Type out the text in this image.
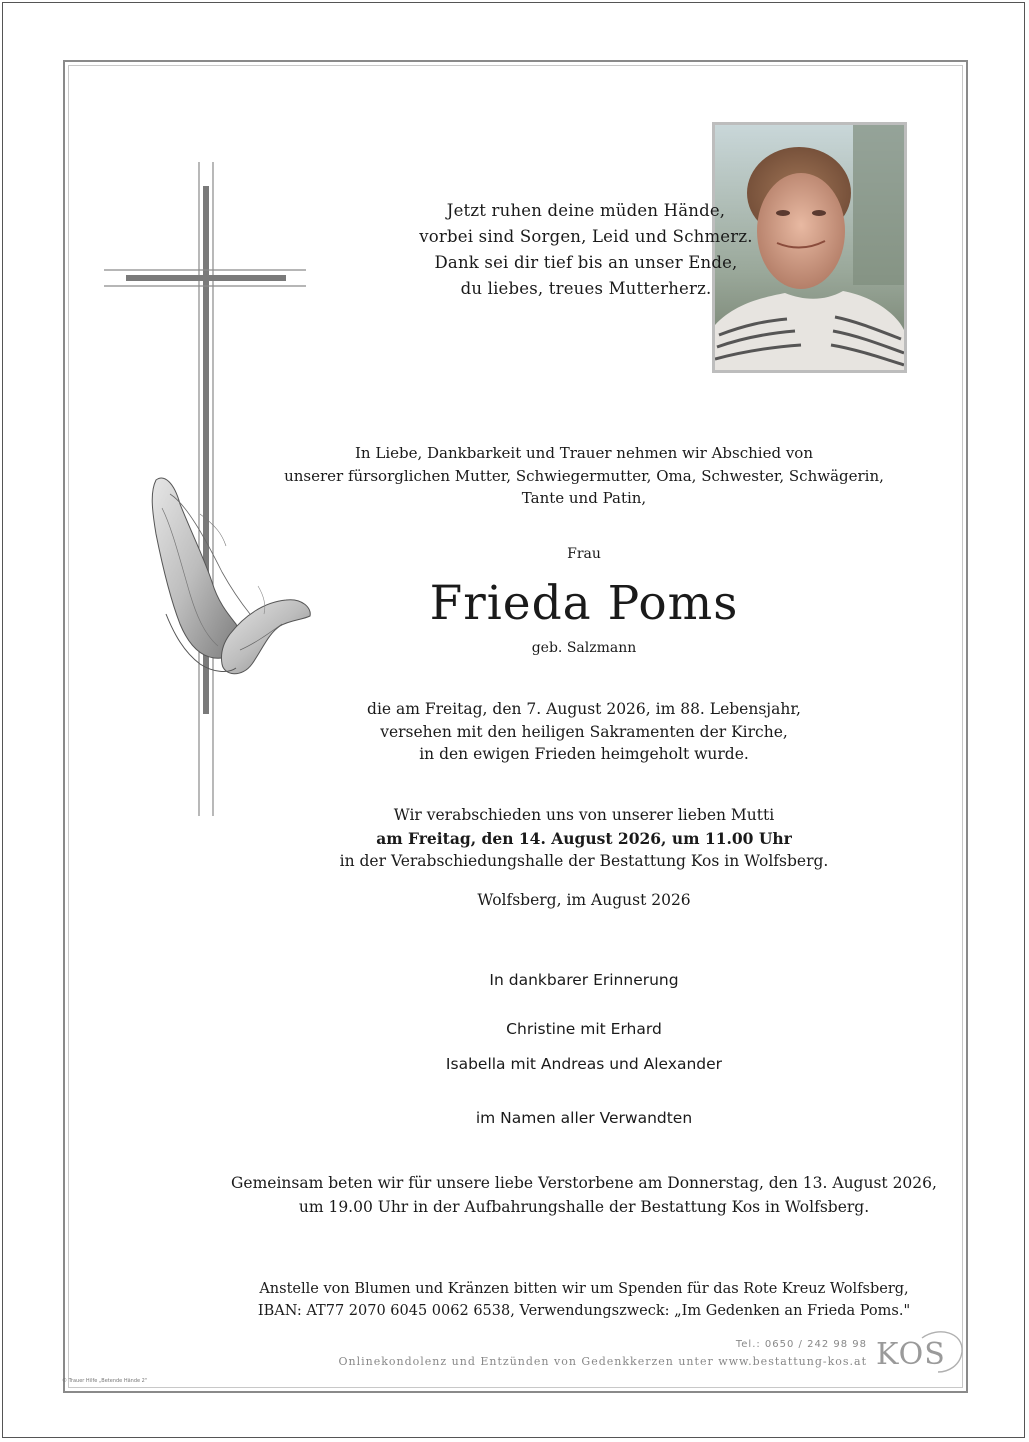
Jetzt ruhen deine müden Hände,
vorbei sind Sorgen, Leid und Schmerz.
Dank sei dir tief bis an unser Ende,
du liebes, treues Mutterherz.
In Liebe, Dankbarkeit und Trauer nehmen wir Abschied von
unserer fürsorglichen Mutter, Schwiegermutter, Oma, Schwester, Schwägerin,
Tante und Patin,
Frau
Frieda Poms
geb. Salzmann
die am Freitag, den 7. August 2026, im 88. Lebensjahr,
versehen mit den heiligen Sakramenten der Kirche,
in den ewigen Frieden heimgeholt wurde.
Wir verabschieden uns von unserer lieben Mutti
am Freitag, den 14. August 2026, um 11.00 Uhr
in der Verabschiedungshalle der Bestattung Kos in Wolfsberg.
Wolfsberg, im August 2026
In dankbarer Erinnerung
Christine mit Erhard
Isabella mit Andreas und Alexander
im Namen aller Verwandten
Gemeinsam beten wir für unsere liebe Verstorbene am Donnerstag, den 13. August 2026,
um 19.00 Uhr in der Aufbahrungshalle der Bestattung Kos in Wolfsberg.
Anstelle von Blumen und Kränzen bitten wir um Spenden für das Rote Kreuz Wolfsberg,
IBAN: AT77 2070 6045 0062 6538, Verwendungszweck: „Im Gedenken an Frieda Poms."
Tel.: 0650 / 242 98 98
Onlinekondolenz und Entzünden von Gedenkkerzen unter www.bestattung-kos.at KOS
© Trauer Hilfe „Betende Hände 2"
